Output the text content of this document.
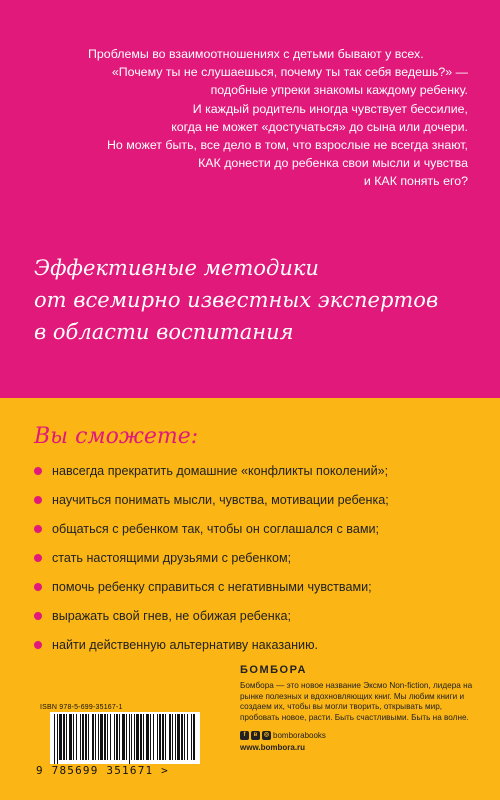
Проблемы во взаимоотношениях с детьми бывают у всех.
«Почему ты не слушаешься, почему ты так себя ведешь?» —
подобные упреки знакомы каждому ребенку.
И каждый родитель иногда чувствует бессилие,
когда не может «достучаться» до сына или дочери.
Но может быть, все дело в том, что взрослые не всегда знают,
КАК донести до ребенка свои мысли и чувства
и КАК понять его?
Эффективные методики
от всемирно известных экспертов
в области воспитания
Вы сможете:
навсегда прекратить домашние «конфликты поколений»;
научиться понимать мысли, чувства, мотивации ребенка;
общаться с ребенком так, чтобы он соглашался с вами;
стать настоящими друзьями с ребенком;
помочь ребенку справиться с негативными чувствами;
выражать свой гнев, не обижая ребенка;
найти действенную альтернативу наказанию.
ISBN 978-5-699-35167-1
9 785699 351671 >
БОМБОРА
Бомбора — это новое название Эксмо Non-fiction, лидера на рынке полезных и вдохновляющих книг. Мы любим книги и создаем их, чтобы вы могли творить, открывать мир, пробовать новое, расти. Быть счастливыми. Быть на волне.
f	в	◎ bomborabooks
www.bombora.ru
